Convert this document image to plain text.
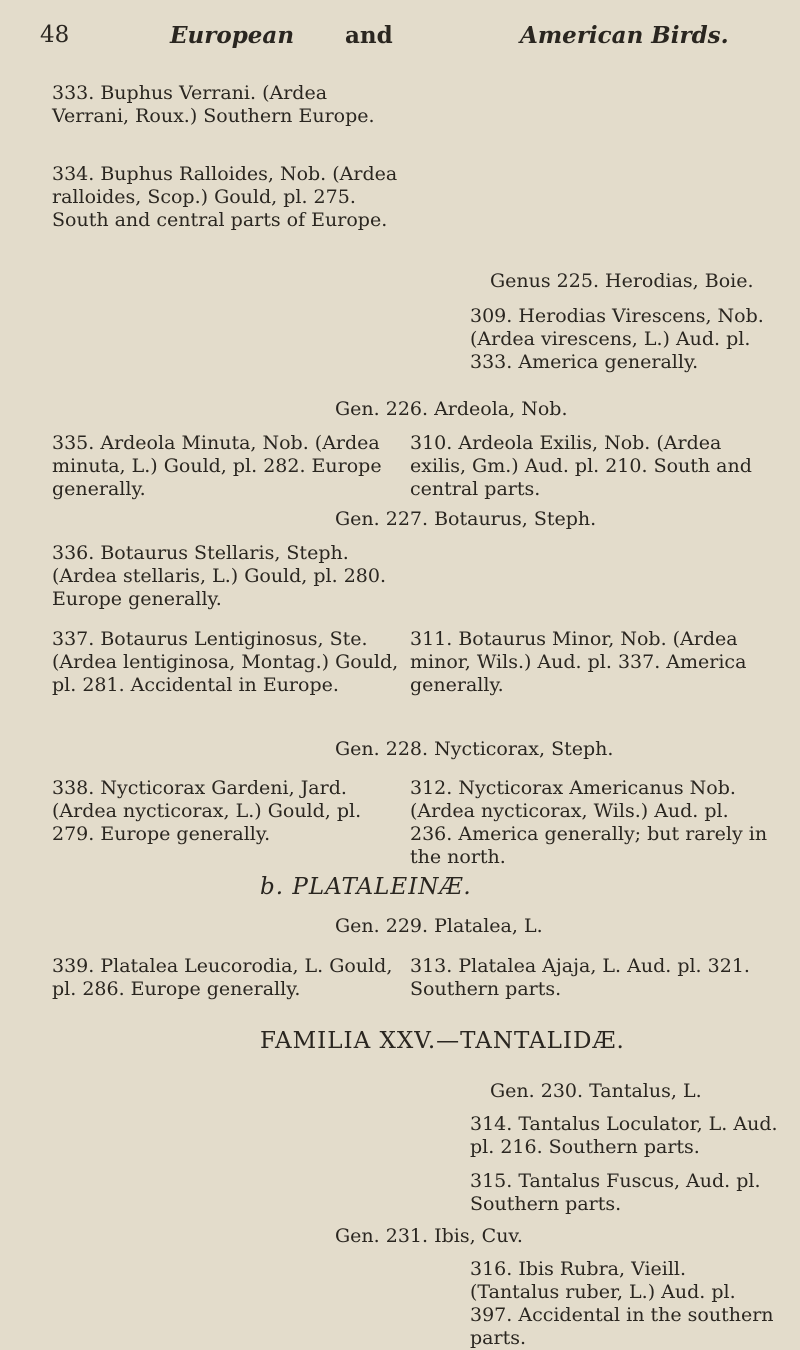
48	European and	American Birds.
333. Buphus Verrani. (Ardea Verrani, Roux.) Southern Europe.
334. Buphus Ralloides, Nob. (Ardea ralloides, Scop.) Gould, pl. 275. South and central parts of Europe.
Genus 225. Herodias, Boie.
309. Herodias Virescens, Nob. (Ardea virescens, L.) Aud. pl. 333. America generally.
Gen. 226. Ardeola, Nob.
335. Ardeola Minuta, Nob. (Ardea minuta, L.) Gould, pl. 282. Europe generally.
310. Ardeola Exilis, Nob. (Ardea exilis, Gm.) Aud. pl. 210. South and central parts.
Gen. 227. Botaurus, Steph.
336. Botaurus Stellaris, Steph. (Ardea stellaris, L.) Gould, pl. 280. Europe generally.
337. Botaurus Lentiginosus, Ste. (Ardea lentiginosa, Montag.) Gould, pl. 281. Accidental in Europe.
311. Botaurus Minor, Nob. (Ardea minor, Wils.) Aud. pl. 337. America generally.
Gen. 228. Nycticorax, Steph.
338. Nycticorax Gardeni, Jard. (Ardea nycticorax, L.) Gould, pl. 279. Europe generally.
312. Nycticorax Americanus Nob. (Ardea nycticorax, Wils.) Aud. pl. 236. America generally; but rarely in the north.
b. PLATALEINÆ.
Gen. 229. Platalea, L.
339. Platalea Leucorodia, L. Gould, pl. 286. Europe generally.
313. Platalea Ajaja, L. Aud. pl. 321. Southern parts.
FAMILIA XXV.—TANTALIDÆ.
Gen. 230. Tantalus, L.
314. Tantalus Loculator, L. Aud. pl. 216. Southern parts.
315. Tantalus Fuscus, Aud. pl. Southern parts.
Gen. 231. Ibis, Cuv.
316. Ibis Rubra, Vieill. (Tantalus ruber, L.) Aud. pl. 397. Accidental in the southern parts.
